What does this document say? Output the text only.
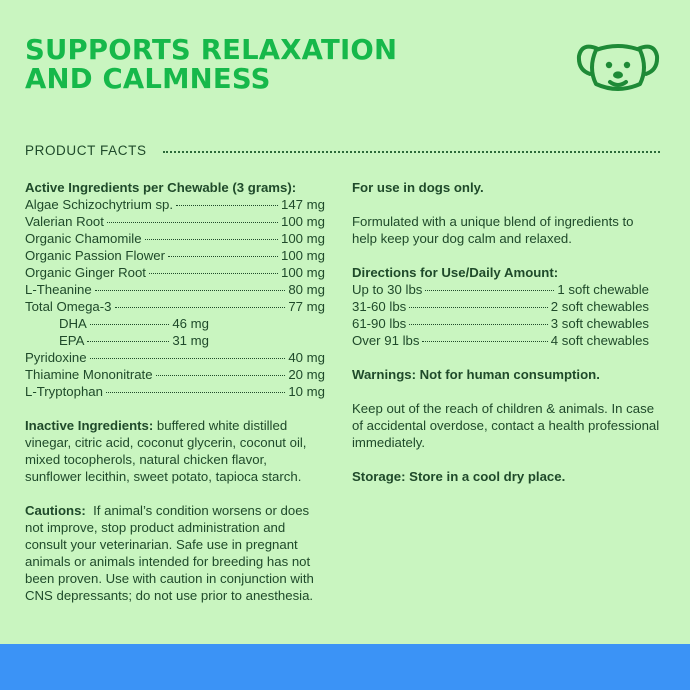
SUPPORTS RELAXATION
AND CALMNESS
PRODUCT FACTS
Active Ingredients per Chewable (3 grams):
Algae Schizochytrium sp.	147 mg
Valerian Root	100 mg
Organic Chamomile	100 mg
Organic Passion Flower	100 mg
Organic Ginger Root	100 mg
L-Theanine	80 mg
Total Omega-3	77 mg
DHA	46 mg
EPA	31 mg
Pyridoxine	40 mg
Thiamine Mononitrate	20 mg
L-Tryptophan	10 mg

Inactive Ingredients: buffered white distilled vinegar, citric acid, coconut glycerin, coconut oil, mixed tocopherols, natural chicken flavor, sunflower lecithin, sweet potato, tapioca starch.

Cautions:  If animal’s condition worsens or does not improve, stop product administration and consult your veterinarian. Safe use in pregnant animals or animals intended for breeding has not been proven. Use with caution in conjunction with CNS depressants; do not use prior to anesthesia.

For use in dogs only.

Formulated with a unique blend of ingredients to help keep your dog calm and relaxed.

Directions for Use/Daily Amount:
Up to 30 lbs	1 soft chewable
31-60 lbs	2 soft chewables
61-90 lbs	3 soft chewables
Over 91 lbs	4 soft chewables
Warnings: Not for human consumption.

Keep out of the reach of children & animals. In case of accidental overdose, contact a health professional immediately.

Storage: Store in a cool dry place.
